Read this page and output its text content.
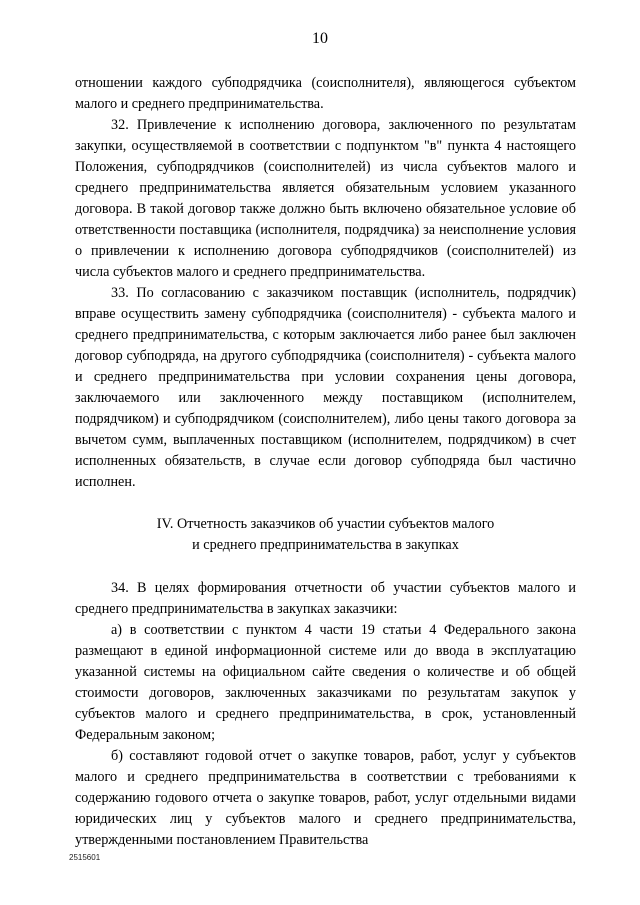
10

отношении каждого субподрядчика (соисполнителя), являющегося субъектом малого и среднего предпринимательства.

32. Привлечение к исполнению договора, заключенного по результатам закупки, осуществляемой в соответствии с подпунктом "в" пункта 4 настоящего Положения, субподрядчиков (соисполнителей) из числа субъектов малого и среднего предпринимательства является обязательным условием указанного договора. В такой договор также должно быть включено обязательное условие об ответственности поставщика (исполнителя, подрядчика) за неисполнение условия о привлечении к исполнению договора субподрядчиков (соисполнителей) из числа субъектов малого и среднего предпринимательства.

33. По согласованию с заказчиком поставщик (исполнитель, подрядчик) вправе осуществить замену субподрядчика (соисполнителя) - субъекта малого и среднего предпринимательства, с которым заключается либо ранее был заключен договор субподряда, на другого субподрядчика (соисполнителя) - субъекта малого и среднего предпринимательства при условии сохранения цены договора, заключаемого или заключенного между поставщиком (исполнителем, подрядчиком) и субподрядчиком (соисполнителем), либо цены такого договора за вычетом сумм, выплаченных поставщиком (исполнителем, подрядчиком) в счет исполненных обязательств, в случае если договор субподряда был частично исполнен.

IV. Отчетность заказчиков об участии субъектов малого
и среднего предпринимательства в закупках

34. В целях формирования отчетности об участии субъектов малого и среднего предпринимательства в закупках заказчики:

а) в соответствии с пунктом 4 части 19 статьи 4 Федерального закона размещают в единой информационной системе или до ввода в эксплуатацию указанной системы на официальном сайте сведения о количестве и об общей стоимости договоров, заключенных заказчиками по результатам закупок у субъектов малого и среднего предпринимательства, в срок, установленный Федеральным законом;

б) составляют годовой отчет о закупке товаров, работ, услуг у субъектов малого и среднего предпринимательства в соответствии с требованиями к содержанию годового отчета о закупке товаров, работ, услуг отдельными видами юридических лиц у субъектов малого и среднего предпринимательства, утвержденными постановлением Правительства

2515601
